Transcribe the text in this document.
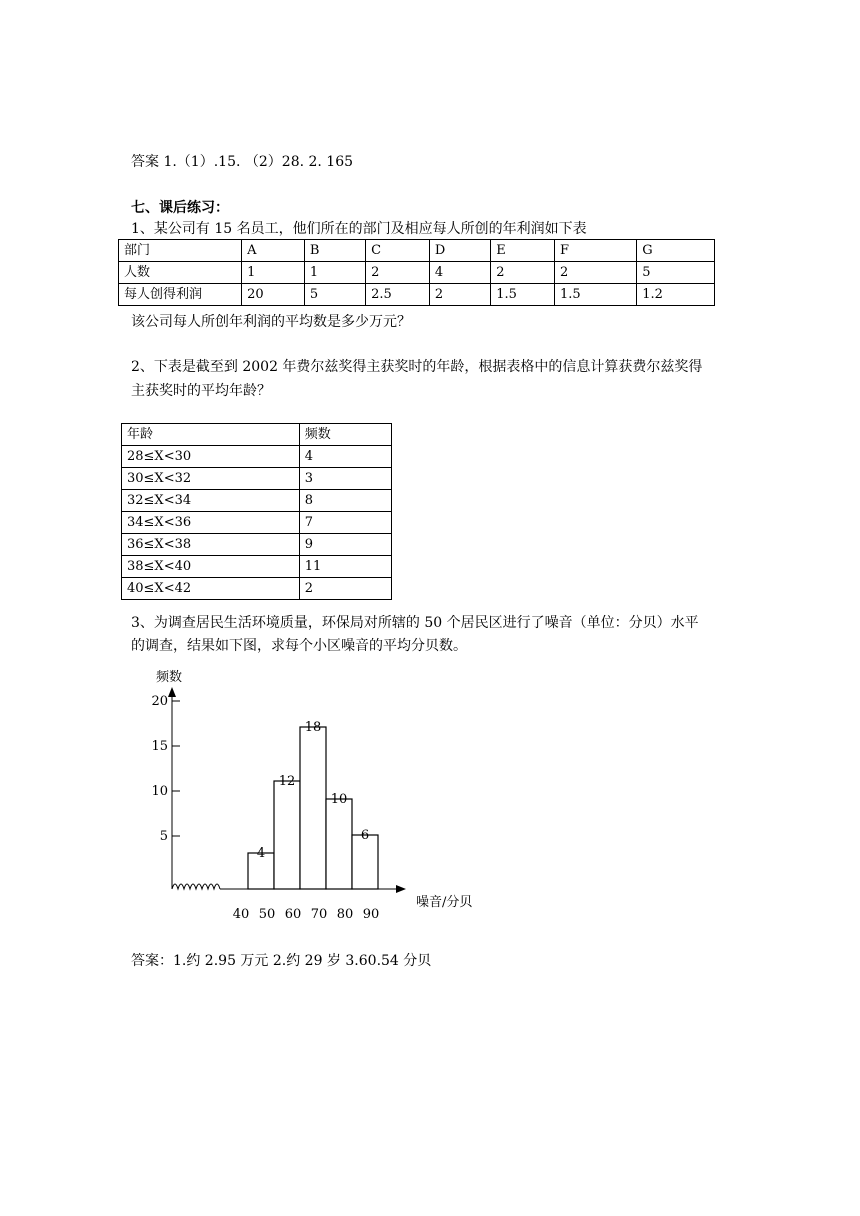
答案 1.（1）.15. （2）28. 2. 165
七、课后练习：
1、某公司有 15 名员工，他们所在的部门及相应每人所创的年利润如下表
部门	A	B	C	D	E	F	G
人数	1	1	2	4	2	2	5
每人创得利润	20	5	2.5	2	1.5	1.5	1.2
该公司每人所创年利润的平均数是多少万元？
2、下表是截至到 2002 年费尔兹奖得主获奖时的年龄，根据表格中的信息计算获费尔兹奖得
主获奖时的平均年龄？
年龄	频数
28≤X<30	4
30≤X<32	3
32≤X<34	8
34≤X<36	7
36≤X<38	9
38≤X<40	11
40≤X<42	2
3、为调查居民生活环境质量，环保局对所辖的 50 个居民区进行了噪音（单位：分贝）水平
的调查，结果如下图，求每个小区噪音的平均分贝数。
频数
5
10
15
20
噪音/分贝
40 50 60 70 80 90
4
12
18
10
6
答案：1.约 2.95 万元 2.约 29 岁 3.60.54 分贝
